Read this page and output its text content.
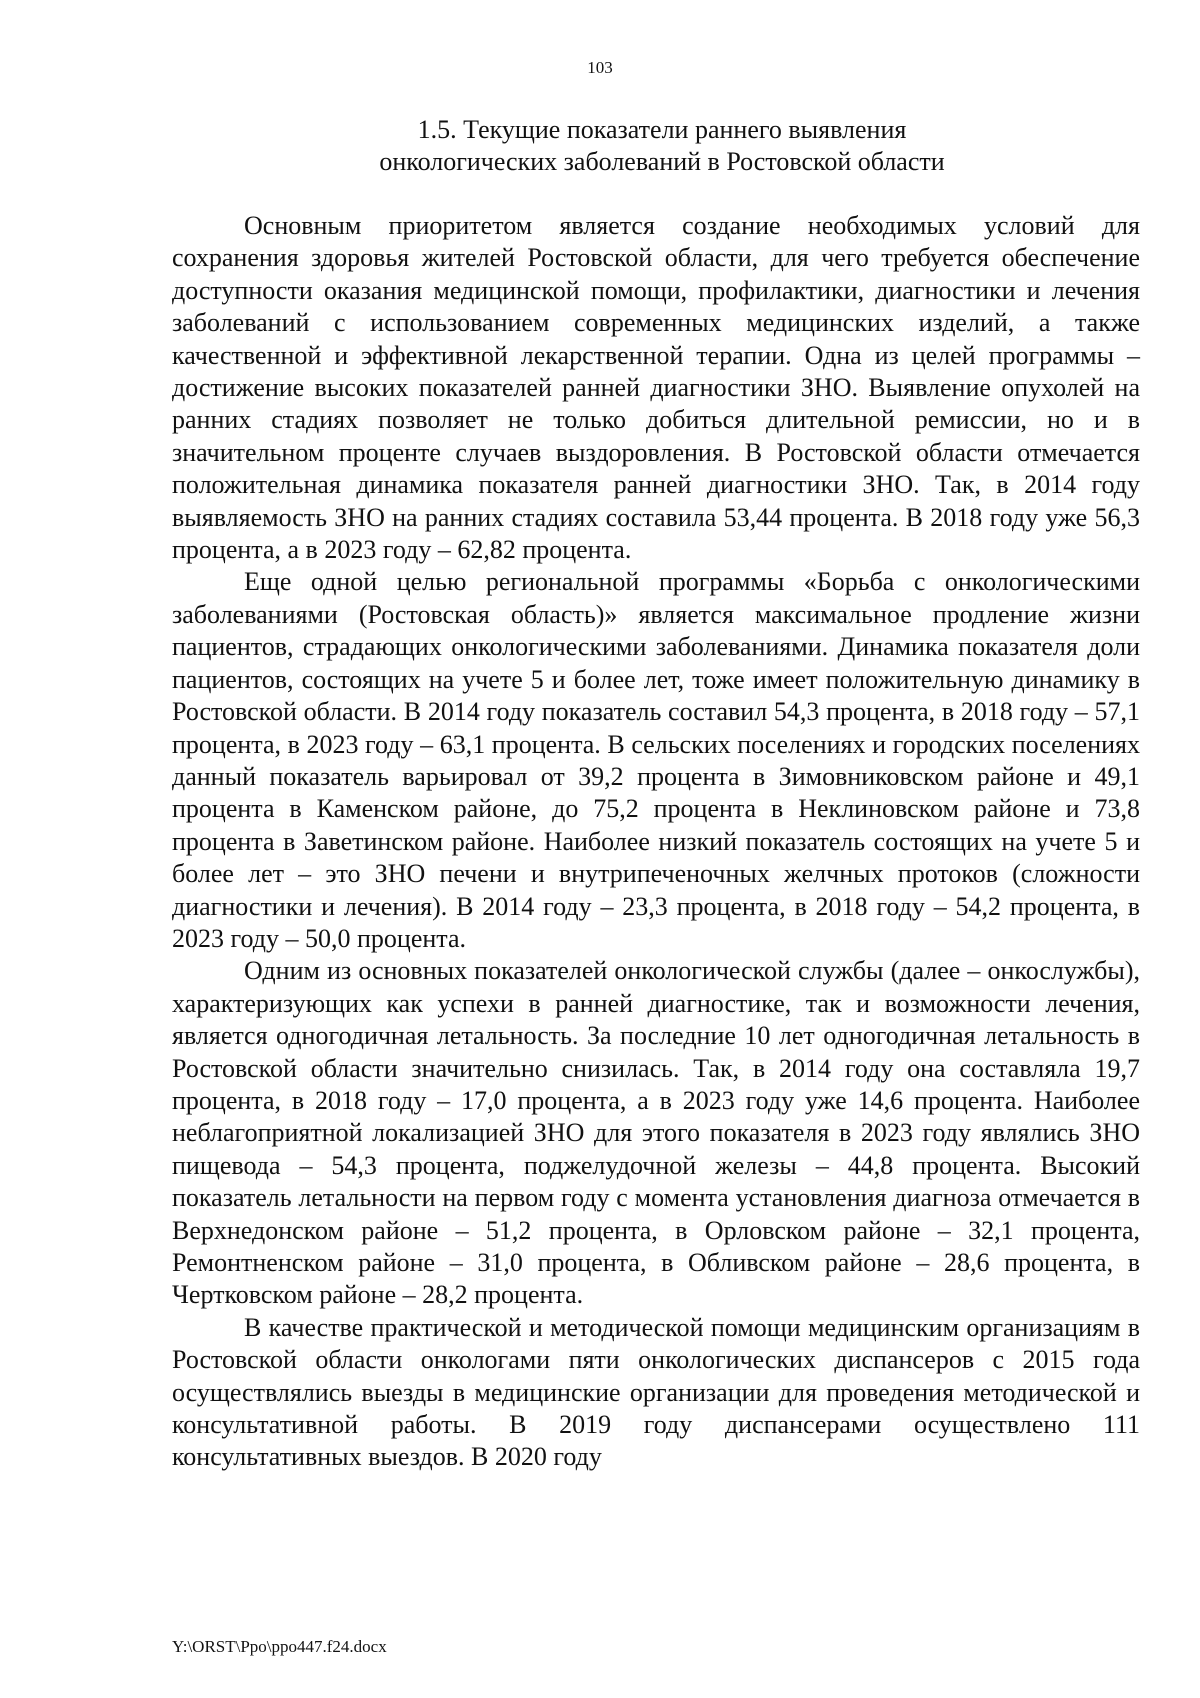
103
1.5. Текущие показатели раннего выявления
онкологических заболеваний в Ростовской области

Основным приоритетом является создание необходимых условий для сохранения здоровья жителей Ростовской области, для чего требуется обеспечение доступности оказания медицинской помощи, профилактики, диагностики и лечения заболеваний с использованием современных медицинских изделий, а также качественной и эффективной лекарственной терапии. Одна из целей программы – достижение высоких показателей ранней диагностики ЗНО. Выявление опухолей на ранних стадиях позволяет не только добиться длительной ремиссии, но и в значительном проценте случаев выздоровления. В Ростовской области отмечается положительная динамика показателя ранней диагностики ЗНО. Так, в 2014 году выявляемость ЗНО на ранних стадиях составила 53,44 процента. В 2018 году уже 56,3 процента, а в 2023 году – 62,82 процента.

Еще одной целью региональной программы «Борьба с онкологическими заболеваниями (Ростовская область)» является максимальное продление жизни пациентов, страдающих онкологическими заболеваниями. Динамика показателя доли пациентов, состоящих на учете 5 и более лет, тоже имеет положительную динамику в Ростовской области. В 2014 году показатель составил 54,3 процента, в 2018 году – 57,1 процента, в 2023 году – 63,1 процента. В сельских поселениях и городских поселениях данный показатель варьировал от 39,2 процента в Зимовниковском районе и 49,1 процента в Каменском районе, до 75,2 процента в Неклиновском районе и 73,8 процента в Заветинском районе. Наиболее низкий показатель состоящих на учете 5 и более лет – это ЗНО печени и внутрипеченочных желчных протоков (сложности диагностики и лечения). В 2014 году – 23,3 процента, в 2018 году – 54,2 процента, в 2023 году – 50,0 процента.

Одним из основных показателей онкологической службы (далее – онкослужбы), характеризующих как успехи в ранней диагностике, так и возможности лечения, является одногодичная летальность. За последние 10 лет одногодичная летальность в Ростовской области значительно снизилась. Так, в 2014 году она составляла 19,7 процента, в 2018 году – 17,0 процента, а в 2023 году уже 14,6 процента. Наиболее неблагоприятной локализацией ЗНО для этого показателя в 2023 году являлись ЗНО пищевода – 54,3 процента, поджелудочной железы – 44,8 процента. Высокий показатель летальности на первом году с момента установления диагноза отмечается в Верхнедонском районе – 51,2 процента, в Орловском районе – 32,1 процента, Ремонтненском районе – 31,0 процента, в Обливском районе – 28,6 процента, в Чертковском районе – 28,2 процента.

В качестве практической и методической помощи медицинским организациям в Ростовской области онкологами пяти онкологических диспансеров с 2015 года осуществлялись выезды в медицинские организации для проведения методической и консультативной работы. В 2019 году диспансерами осуществлено 111 консультативных выездов. В 2020 году

Y:\ORST\Ppo\ppo447.f24.docx
